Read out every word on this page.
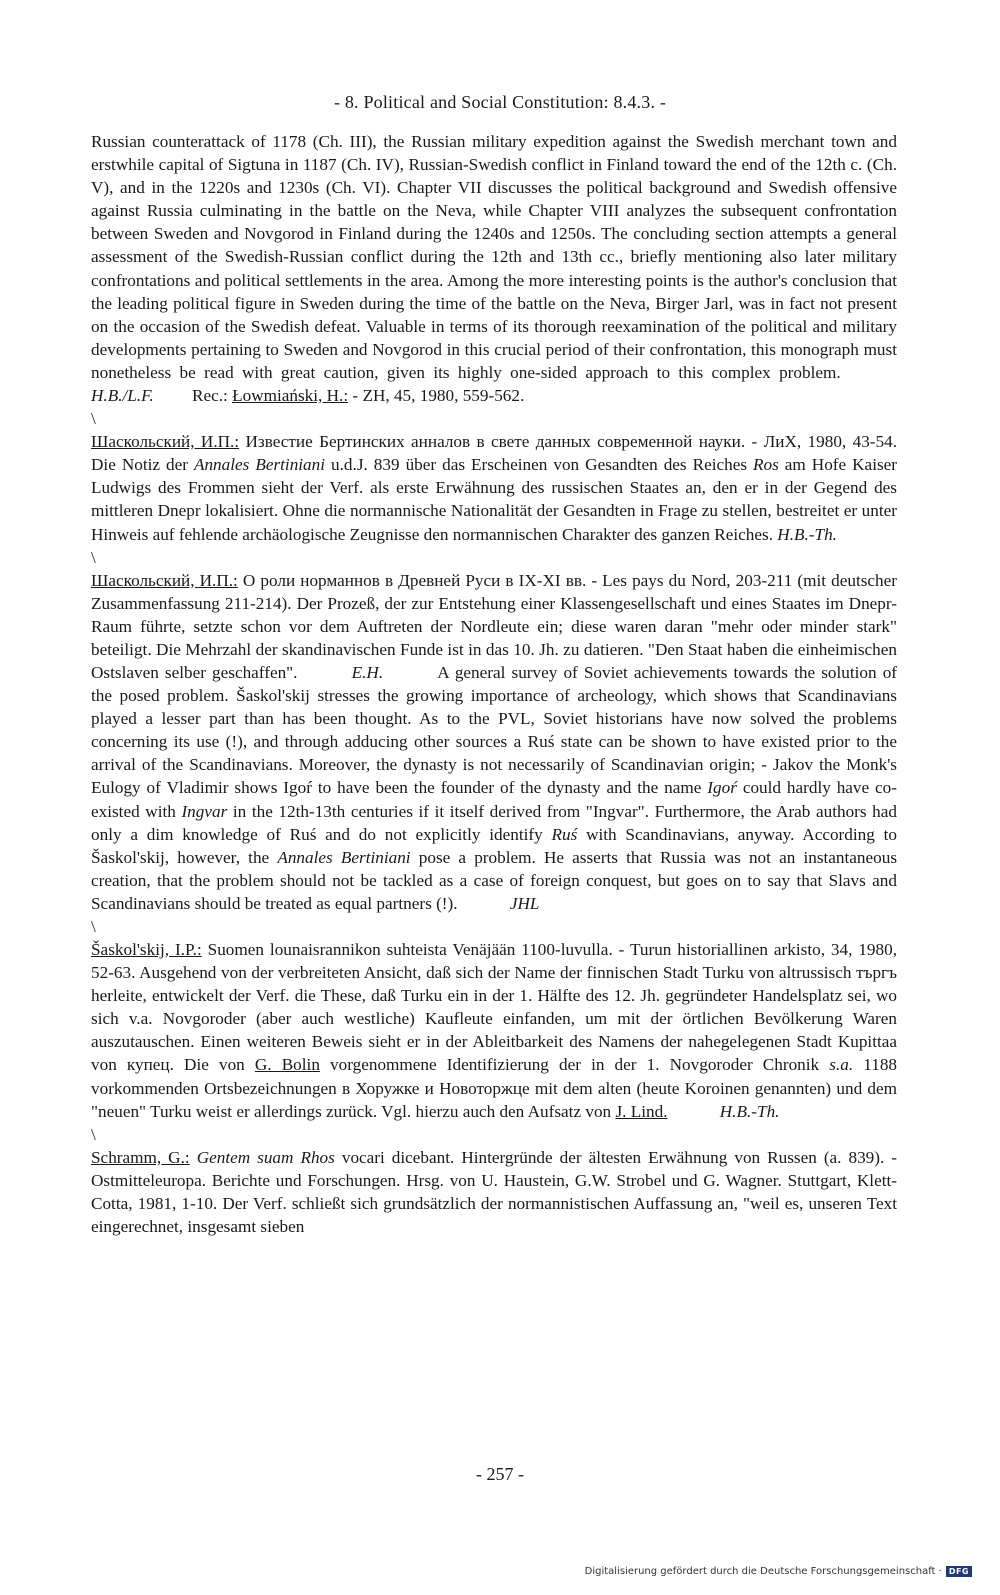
- 8. Political and Social Constitution: 8.4.3. -

Russian counterattack of 1178 (Ch. III), the Russian military expedition against the Swedish merchant town and erstwhile capital of Sigtuna in 1187 (Ch. IV), Russian-Swedish conflict in Finland toward the end of the 12th c. (Ch. V), and in the 1220s and 1230s (Ch. VI). Chapter VII discusses the political background and Swedish offensive against Russia culminating in the battle on the Neva, while Chapter VIII analyzes the subsequent confrontation between Sweden and Novgorod in Finland during the 1240s and 1250s. The concluding section attempts a general assessment of the Swedish-Russian conflict during the 12th and 13th cc., briefly mentioning also later military confrontations and political settlements in the area. Among the more interesting points is the author's conclusion that the leading political figure in Sweden during the time of the battle on the Neva, Birger Jarl, was in fact not present on the occasion of the Swedish defeat. Valuable in terms of its thorough reexamination of the political and military developments pertaining to Sweden and Novgorod in this crucial period of their confrontation, this monograph must nonetheless be read with great caution, given its highly one-sided approach to this complex problem. H.B./L.F. Rec.: Łowmiański, H.: - ZH, 45, 1980, 559-562.

\

Шаскольский, И.П.: Известие Бертинских анналов в свете данных современной науки. - ЛиХ, 1980, 43-54. Die Notiz der Annales Bertiniani u.d.J. 839 über das Erscheinen von Gesandten des Reiches Ros am Hofe Kaiser Ludwigs des Frommen sieht der Verf. als erste Erwähnung des russischen Staates an, den er in der Gegend des mittleren Dnepr lokalisiert. Ohne die normannische Nationalität der Gesandten in Frage zu stellen, bestreitet er unter Hinweis auf fehlende archäologische Zeugnisse den normannischen Charakter des ganzen Reiches. H.B.-Th.

\

Шаскольский, И.П.: О роли норманнов в Древней Руси в IX-XI вв. - Les pays du Nord, 203-211 (mit deutscher Zusammenfassung 211-214). Der Prozeß, der zur Entstehung einer Klassengesellschaft und eines Staates im Dnepr-Raum führte, setzte schon vor dem Auftreten der Nordleute ein; diese waren daran "mehr oder minder stark" beteiligt. Die Mehrzahl der skandinavischen Funde ist in das 10. Jh. zu datieren. "Den Staat haben die einheimischen Ostslaven selber geschaffen".	E.H.	A general survey of Soviet achievements towards the solution of the posed problem. Šaskol'skij stresses the growing importance of archeology, which shows that Scandinavians played a lesser part than has been thought. As to the PVL, Soviet historians have now solved the problems concerning its use (!), and through adducing other sources a Ruś state can be shown to have existed prior to the arrival of the Scandinavians. Moreover, the dynasty is not necessarily of Scandinavian origin; - Jakov the Monk's Eulogy of Vladimir shows Igoŕ to have been the founder of the dynasty and the name Igoŕ could hardly have co-existed with Ingvar in the 12th-13th centuries if it itself derived from "Ingvar". Furthermore, the Arab authors had only a dim knowledge of Ruś and do not explicitly identify Ruś with Scandinavians, anyway. According to Šaskol'skij, however, the Annales Bertiniani pose a problem. He asserts that Russia was not an instantaneous creation, that the problem should not be tackled as a case of foreign conquest, but goes on to say that Slavs and Scandinavians should be treated as equal partners (!).	JHL

\

Šaskol'skij, I.P.: Suomen lounaisrannikon suhteista Venäjään 1100-luvulla. - Turun historiallinen arkisto, 34, 1980, 52-63. Ausgehend von der verbreiteten Ansicht, daß sich der Name der finnischen Stadt Turku von altrussisch търгъ herleite, entwickelt der Verf. die These, daß Turku ein in der 1. Hälfte des 12. Jh. gegründeter Handelsplatz sei, wo sich v.a. Novgoroder (aber auch westliche) Kaufleute einfanden, um mit der örtlichen Bevölkerung Waren auszutauschen. Einen weiteren Beweis sieht er in der Ableitbarkeit des Namens der nahegelegenen Stadt Kupittaa von купец. Die von G. Bolin vorgenommene Identifizierung der in der 1. Novgoroder Chronik s.a. 1188 vorkommenden Ortsbezeichnungen в Хоружке и Новоторжце mit dem alten (heute Koroinen genannten) und dem "neuen" Turku weist er allerdings zurück. Vgl. hierzu auch den Aufsatz von J. Lind.	H.B.-Th.

\

Schramm, G.: Gentem suam Rhos vocari dicebant. Hintergründe der ältesten Erwähnung von Russen (a. 839). - Ostmitteleuropa. Berichte und Forschungen. Hrsg. von U. Haustein, G.W. Strobel und G. Wagner. Stuttgart, Klett-Cotta, 1981, 1-10. Der Verf. schließt sich grundsätzlich der normannistischen Auffassung an, "weil es, unseren Text eingerechnet, insgesamt sieben

- 257 -
Digitalisierung gefördert durch die Deutsche Forschungsgemeinschaft · DFG
